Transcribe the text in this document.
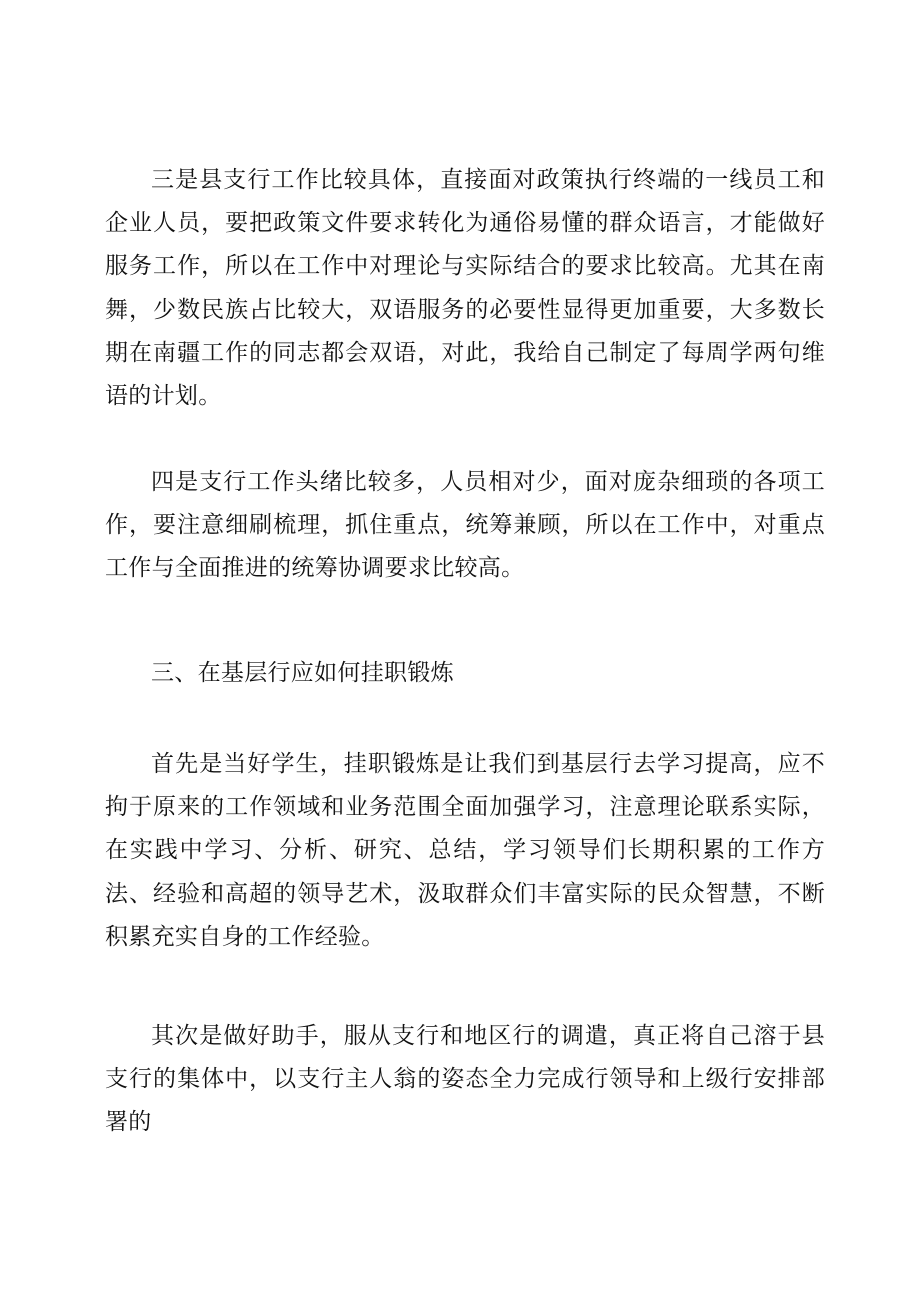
三是县支行工作比较具体，直接面对政策执行终端的一线员工和企业人员，要把政策文件要求转化为通俗易懂的群众语言，才能做好服务工作，所以在工作中对理论与实际结合的要求比较高。尤其在南舞，少数民族占比较大，双语服务的必要性显得更加重要，大多数长期在南疆工作的同志都会双语，对此，我给自己制定了每周学两句维语的计划。

四是支行工作头绪比较多，人员相对少，面对庞杂细琐的各项工作，要注意细刷梳理，抓住重点，统筹兼顾，所以在工作中，对重点工作与全面推进的统筹协调要求比较高。

三、在基层行应如何挂职锻炼

首先是当好学生，挂职锻炼是让我们到基层行去学习提高，应不拘于原来的工作领域和业务范围全面加强学习，注意理论联系实际，在实践中学习、分析、研究、总结，学习领导们长期积累的工作方法、经验和高超的领导艺术，汲取群众们丰富实际的民众智慧，不断积累充实自身的工作经验。

其次是做好助手，服从支行和地区行的调遣，真正将自己溶于县支行的集体中，以支行主人翁的姿态全力完成行领导和上级行安排部署的
